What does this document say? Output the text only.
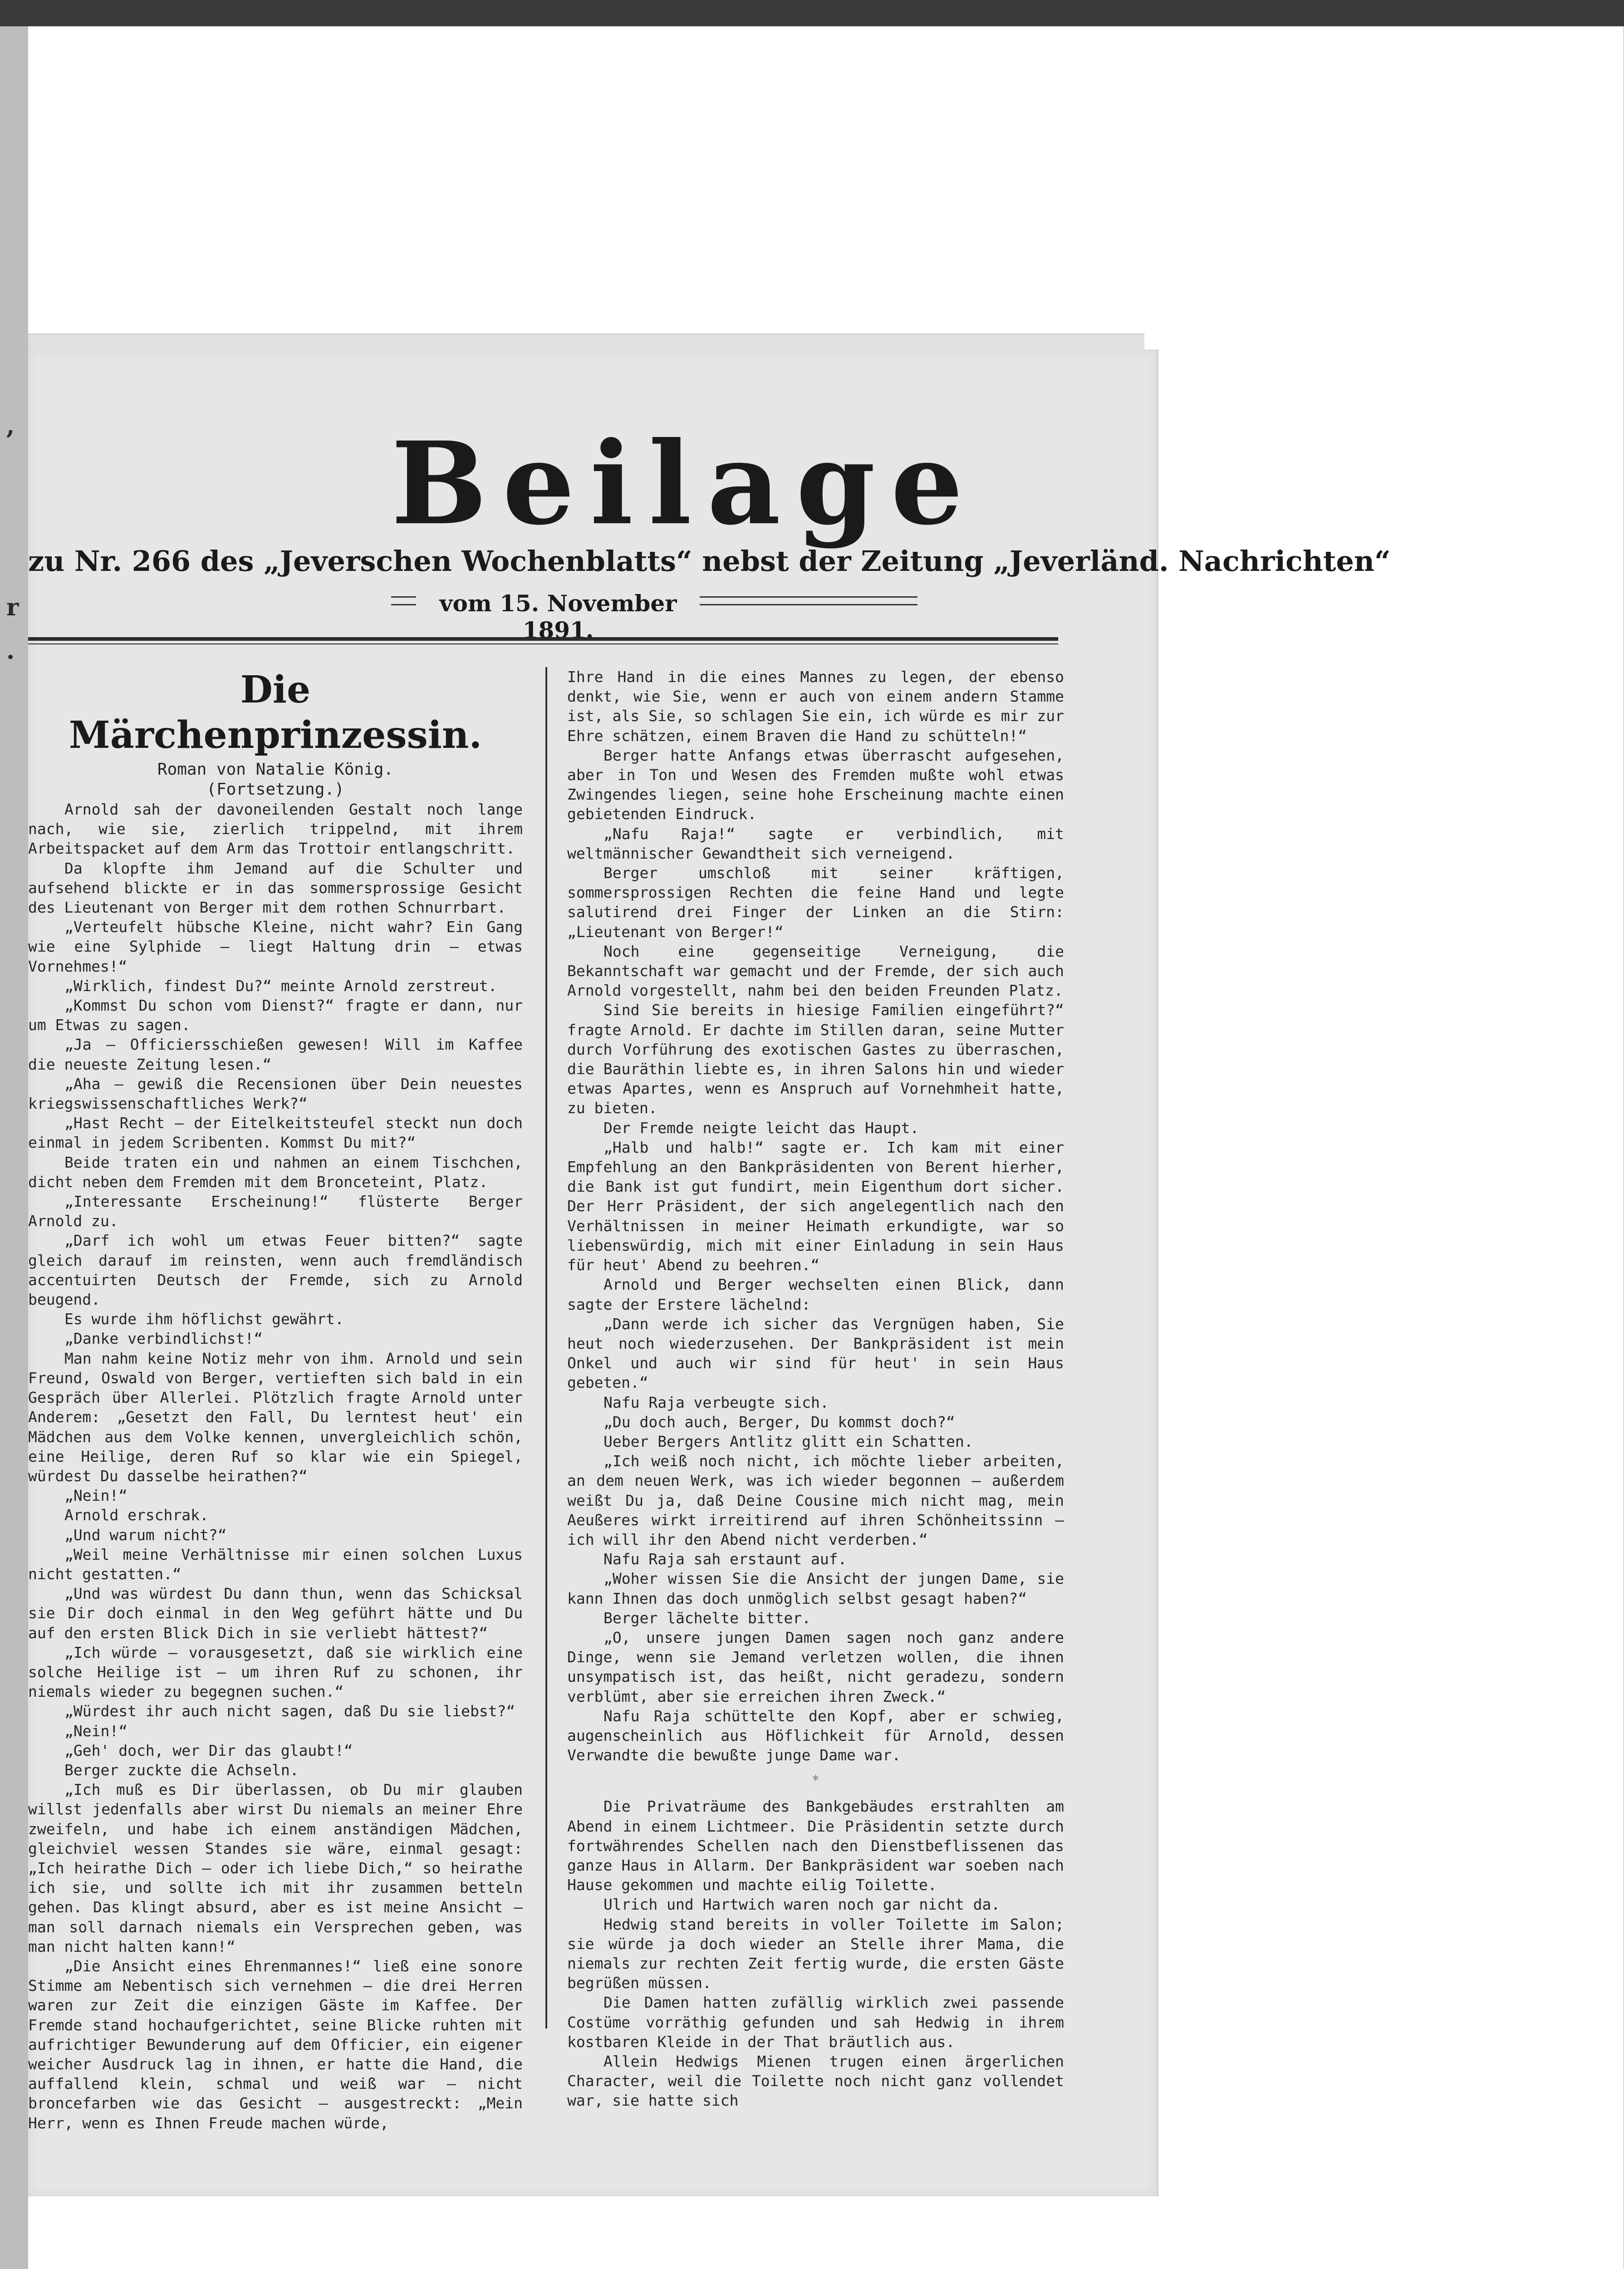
,
r
·
Beilage
zu Nr. 266 des „Jeverschen Wochenblatts“ nebst der Zeitung „Jeverländ. Nachrichten“
vom 15. November 1891.
Die Märchenprinzessin.
Roman von Natalie König.
(Fortsetzung.)

Arnold sah der davoneilenden Gestalt noch lange nach, wie sie, zierlich trippelnd, mit ihrem Arbeitspacket auf dem Arm das Trottoir entlangschritt.

Da klopfte ihm Jemand auf die Schulter und aufsehend blickte er in das sommersprossige Gesicht des Lieutenant von Berger mit dem rothen Schnurrbart.

„Verteufelt hübsche Kleine, nicht wahr? Ein Gang wie eine Sylphide — liegt Haltung drin — etwas Vornehmes!“

„Wirklich, findest Du?“ meinte Arnold zerstreut.

„Kommst Du schon vom Dienst?“ fragte er dann, nur um Etwas zu sagen.

„Ja — Officiersschießen gewesen! Will im Kaffee die neueste Zeitung lesen.“

„Aha — gewiß die Recensionen über Dein neuestes kriegswissenschaftliches Werk?“

„Hast Recht — der Eitelkeitsteufel steckt nun doch einmal in jedem Scribenten. Kommst Du mit?“

Beide traten ein und nahmen an einem Tischchen, dicht neben dem Fremden mit dem Bronceteint, Platz.

„Interessante Erscheinung!“ flüsterte Berger Arnold zu.

„Darf ich wohl um etwas Feuer bitten?“ sagte gleich darauf im reinsten, wenn auch fremdländisch accentuirten Deutsch der Fremde, sich zu Arnold beugend.

Es wurde ihm höflichst gewährt.

„Danke verbindlichst!“

Man nahm keine Notiz mehr von ihm. Arnold und sein Freund, Oswald von Berger, vertieften sich bald in ein Gespräch über Allerlei. Plötzlich fragte Arnold unter Anderem: „Gesetzt den Fall, Du lerntest heut' ein Mädchen aus dem Volke kennen, unvergleichlich schön, eine Heilige, deren Ruf so klar wie ein Spiegel, würdest Du dasselbe heirathen?“

„Nein!“

Arnold erschrak.

„Und warum nicht?“

„Weil meine Verhältnisse mir einen solchen Luxus nicht gestatten.“

„Und was würdest Du dann thun, wenn das Schicksal sie Dir doch einmal in den Weg geführt hätte und Du auf den ersten Blick Dich in sie verliebt hättest?“

„Ich würde — vorausgesetzt, daß sie wirklich eine solche Heilige ist — um ihren Ruf zu schonen, ihr niemals wieder zu begegnen suchen.“

„Würdest ihr auch nicht sagen, daß Du sie liebst?“

„Nein!“

„Geh' doch, wer Dir das glaubt!“

Berger zuckte die Achseln.

„Ich muß es Dir überlassen, ob Du mir glauben willst jedenfalls aber wirst Du niemals an meiner Ehre zweifeln, und habe ich einem anständigen Mädchen, gleichviel wessen Standes sie wäre, einmal gesagt: „Ich heirathe Dich — oder ich liebe Dich,“ so heirathe ich sie, und sollte ich mit ihr zusammen betteln gehen. Das klingt absurd, aber es ist meine Ansicht — man soll darnach niemals ein Versprechen geben, was man nicht halten kann!“

„Die Ansicht eines Ehrenmannes!“ ließ eine sonore Stimme am Nebentisch sich vernehmen — die drei Herren waren zur Zeit die einzigen Gäste im Kaffee. Der Fremde stand hochaufgerichtet, seine Blicke ruhten mit aufrichtiger Bewunderung auf dem Officier, ein eigener weicher Ausdruck lag in ihnen, er hatte die Hand, die auffallend klein, schmal und weiß war — nicht broncefarben wie das Gesicht — ausgestreckt: „Mein Herr, wenn es Ihnen Freude machen würde,

Ihre Hand in die eines Mannes zu legen, der ebenso denkt, wie Sie, wenn er auch von einem andern Stamme ist, als Sie, so schlagen Sie ein, ich würde es mir zur Ehre schätzen, einem Braven die Hand zu schütteln!“

Berger hatte Anfangs etwas überrascht aufgesehen, aber in Ton und Wesen des Fremden mußte wohl etwas Zwingendes liegen, seine hohe Erscheinung machte einen gebietenden Eindruck.

„Nafu Raja!“ sagte er verbindlich, mit weltmännischer Gewandtheit sich verneigend.

Berger umschloß mit seiner kräftigen, sommersprossigen Rechten die feine Hand und legte salutirend drei Finger der Linken an die Stirn: „Lieutenant von Berger!“

Noch eine gegenseitige Verneigung, die Bekanntschaft war gemacht und der Fremde, der sich auch Arnold vorgestellt, nahm bei den beiden Freunden Platz.

Sind Sie bereits in hiesige Familien eingeführt?“ fragte Arnold. Er dachte im Stillen daran, seine Mutter durch Vorführung des exotischen Gastes zu überraschen, die Bauräthin liebte es, in ihren Salons hin und wieder etwas Apartes, wenn es Anspruch auf Vornehmheit hatte, zu bieten.

Der Fremde neigte leicht das Haupt.

„Halb und halb!“ sagte er. Ich kam mit einer Empfehlung an den Bankpräsidenten von Berent hierher, die Bank ist gut fundirt, mein Eigenthum dort sicher. Der Herr Präsident, der sich angelegentlich nach den Verhältnissen in meiner Heimath erkundigte, war so liebenswürdig, mich mit einer Einladung in sein Haus für heut' Abend zu beehren.“

Arnold und Berger wechselten einen Blick, dann sagte der Erstere lächelnd:

„Dann werde ich sicher das Vergnügen haben, Sie heut noch wiederzusehen. Der Bankpräsident ist mein Onkel und auch wir sind für heut' in sein Haus gebeten.“

Nafu Raja verbeugte sich.

„Du doch auch, Berger, Du kommst doch?“

Ueber Bergers Antlitz glitt ein Schatten.

„Ich weiß noch nicht, ich möchte lieber arbeiten, an dem neuen Werk, was ich wieder begonnen — außerdem weißt Du ja, daß Deine Cousine mich nicht mag, mein Aeußeres wirkt irreitirend auf ihren Schönheitssinn — ich will ihr den Abend nicht verderben.“

Nafu Raja sah erstaunt auf.

„Woher wissen Sie die Ansicht der jungen Dame, sie kann Ihnen das doch unmöglich selbst gesagt haben?“

Berger lächelte bitter.

„O, unsere jungen Damen sagen noch ganz andere Dinge, wenn sie Jemand verletzen wollen, die ihnen unsympatisch ist, das heißt, nicht geradezu, sondern verblümt, aber sie erreichen ihren Zweck.“

Nafu Raja schüttelte den Kopf, aber er schwieg, augenscheinlich aus Höflichkeit für Arnold, dessen Verwandte die bewußte junge Dame war.

*

Die Privaträume des Bankgebäudes erstrahlten am Abend in einem Lichtmeer. Die Präsidentin setzte durch fortwährendes Schellen nach den Dienstbeflissenen das ganze Haus in Allarm. Der Bankpräsident war soeben nach Hause gekommen und machte eilig Toilette.

Ulrich und Hartwich waren noch gar nicht da.

Hedwig stand bereits in voller Toilette im Salon; sie würde ja doch wieder an Stelle ihrer Mama, die niemals zur rechten Zeit fertig wurde, die ersten Gäste begrüßen müssen.

Die Damen hatten zufällig wirklich zwei passende Costüme vorräthig gefunden und sah Hedwig in ihrem kostbaren Kleide in der That bräutlich aus.

Allein Hedwigs Mienen trugen einen ärgerlichen Character, weil die Toilette noch nicht ganz vollendet war, sie hatte sich
